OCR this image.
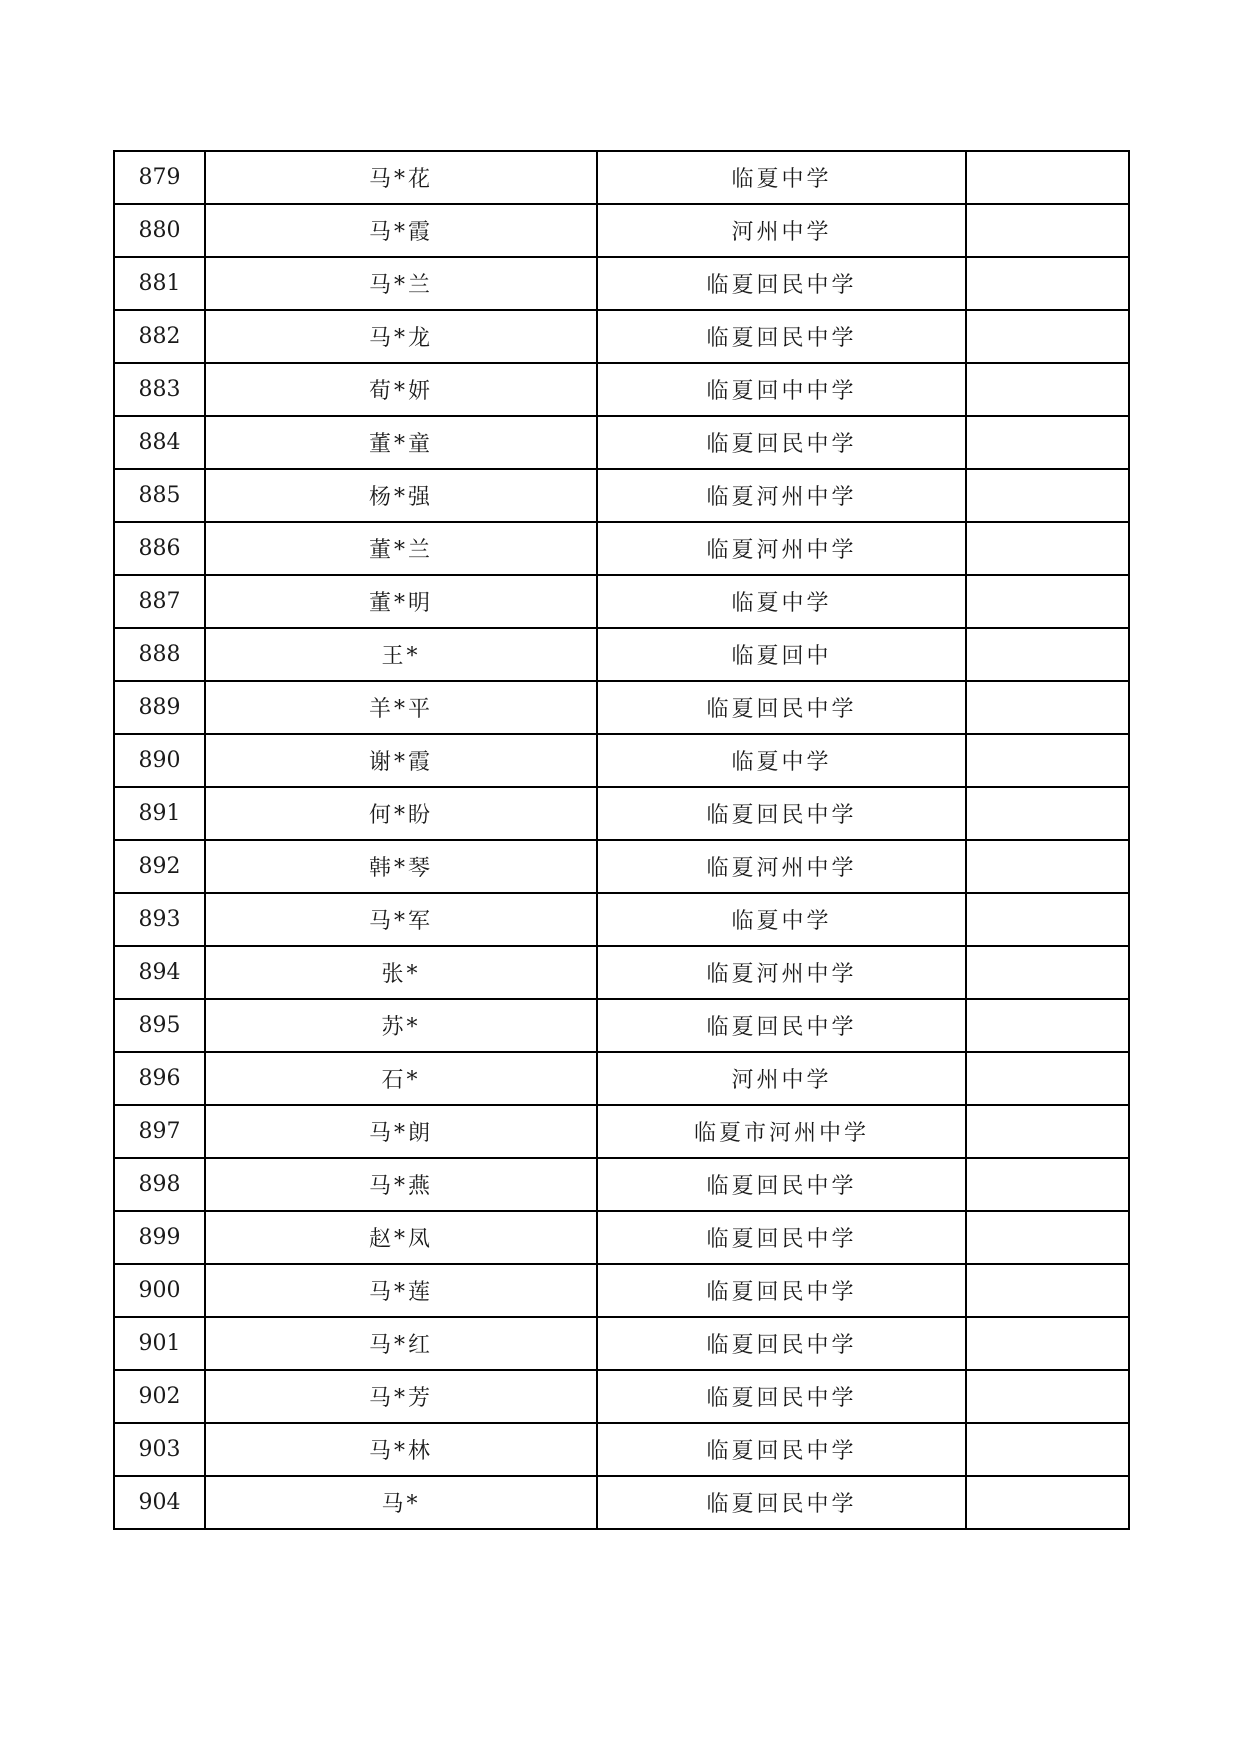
879	马*花	临夏中学	
880	马*霞	河州中学	
881	马*兰	临夏回民中学	
882	马*龙	临夏回民中学	
883	荀*妍	临夏回中中学	
884	董*童	临夏回民中学	
885	杨*强	临夏河州中学	
886	董*兰	临夏河州中学	
887	董*明	临夏中学	
888	王*	临夏回中	
889	羊*平	临夏回民中学	
890	谢*霞	临夏中学	
891	何*盼	临夏回民中学	
892	韩*琴	临夏河州中学	
893	马*军	临夏中学	
894	张*	临夏河州中学	
895	苏*	临夏回民中学	
896	石*	河州中学	
897	马*朗	临夏市河州中学	
898	马*燕	临夏回民中学	
899	赵*凤	临夏回民中学	
900	马*莲	临夏回民中学	
901	马*红	临夏回民中学	
902	马*芳	临夏回民中学	
903	马*林	临夏回民中学	
904	马*	临夏回民中学	
